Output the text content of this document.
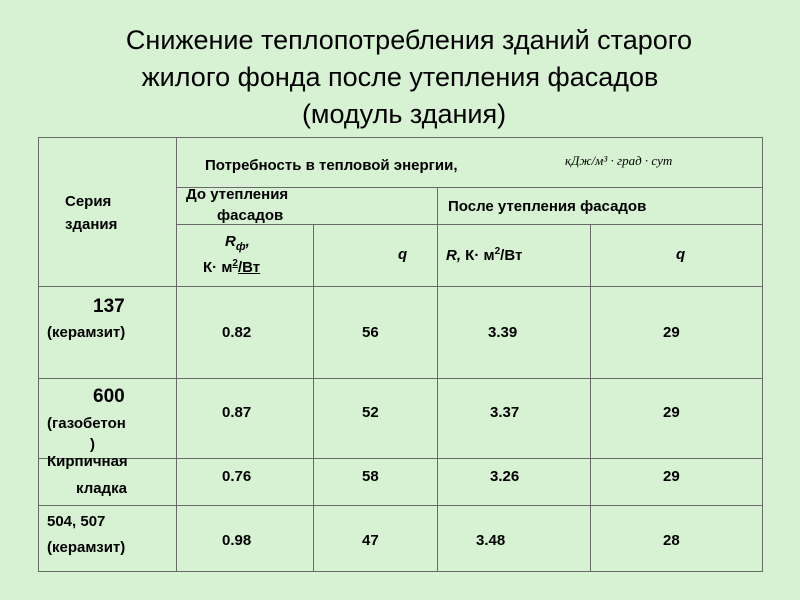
Снижение теплопотребления зданий старого
жилого фонда после утепления фасадов
(модуль здания)
Серия
здания
Потребность в тепловой энергии,	кДж/м³ · град · сут
До утепления
фасадов
После утепления фасадов
$R_ф$,
$К\cdot м^2/Вт$
q	R, $К\cdot м^2/Вт$	q
137
(керамзит)	0.82	56	3.39	29
600
(газобетон
)
0.87	52	3.37	29
Кирпичная
кладка
0.76	58	3.26	29
504, 507
(керамзит)	0.98	47	3.48	28
